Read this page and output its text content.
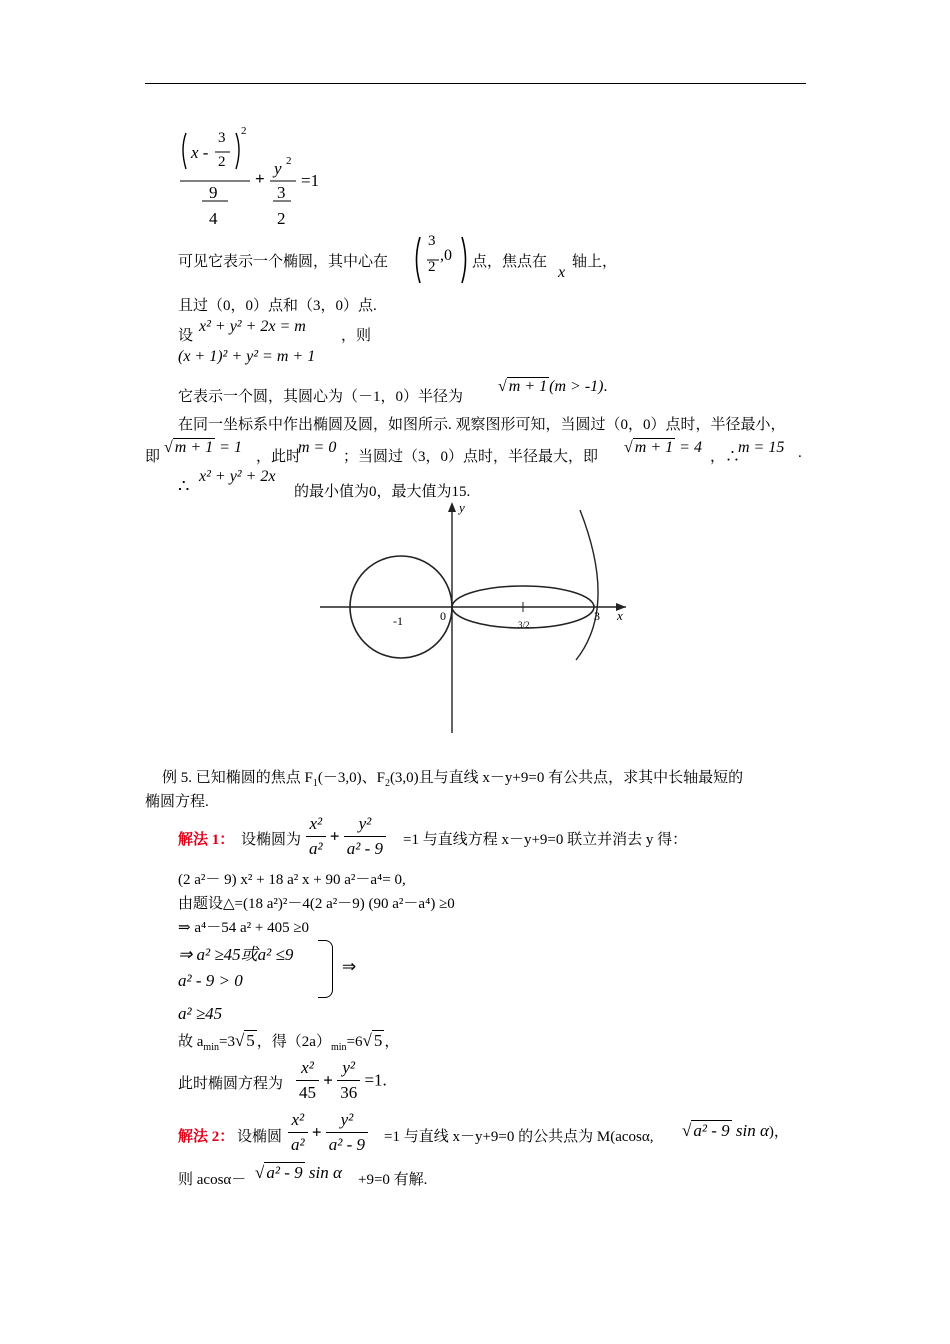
x -
3
2
2
9
4
+
y 2
3
2
=1
可见它表示一个椭圆，其中心在
3
2
,0 点，焦点在
x
轴上，
且过（0，0）点和（3，0）点.
设
x² + y² + 2x = m
，则
(x + 1)² + y² = m + 1
它表示一个圆，其圆心为（－1，0）半径为
√ m + 1 (m > -1).
在同一坐标系中作出椭圆及圆，如图所示. 观察图形可知，当圆过（0，0）点时，半径最小，
即
√ m + 1 = 1
，此时
m = 0
；当圆过（3，0）点时，半径最大，即
√ m + 1 = 4
，∴
m = 15 .
∴ x² + y² + 2x
的最小值为0，最大值为15.
y
x
-1	0	3
3/2
例 5. 已知椭圆的焦点 $F_1(-3,0)$、$F_2(3,0)$且与直线 x－y+9=0 有公共点，求其中长轴最短的
椭圆方程.
解法 1： 设椭圆为 $\frac{\text{x²}}{\text{a²}} + \frac{\text{y²}}{\text{a² - 9}} =1$ 与直线方程 x－y+9=0 联立并消去 y 得：
(2 a²－ 9) x² + 18 a² x + 90 a²－a⁴= 0,
由题设△=(18 a²)²－4(2 a²－9) (90 a²－a⁴) ≥0
⇒ a⁴－54 a² + 405 ≥0
⇒ a² ≥45或a² ≤9
a² - 9 > 0
⇒
a² ≥45
故 $a_{min}=3√$ 5 ，得$(2a)_{min}=6√$ 5 ，
此时椭圆方程为 $\frac{\text{x²}}{45} + \frac{\text{y²}}{36} =1$.
解法 2： 设椭圆 $\frac{\text{x²}}{\text{a²}} + \frac{\text{y²}}{\text{a² - 9}} =1$ 与直线 x－y+9=0 的公共点为 M(acosα, √ a² - 9 sin α)，
则 acosα－ √ a² - 9 sin α +9=0 有解.
